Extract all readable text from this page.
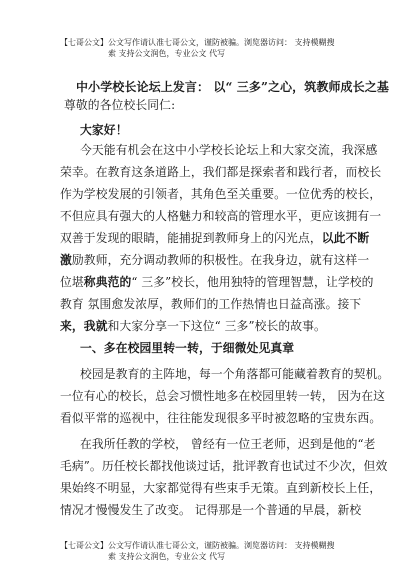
【七哥公文】公文写作请认准七哥公文，谨防被骗。浏览器访问： 支持模糊搜
索 支持公文润色，专业公文 代写
中小学校长论坛上发言： 以“ 三多”之心，筑教师成长之基
尊敬的各位校长同仁:
大家好！
今天能有机会在这中小学校长论坛上和大家交流，我深感
荣幸。在教育这条道路上，我们都是探索者和践行者，而校长
作为学校发展的引领者，其角色至关重要。一位优秀的校长，
不但应具有强大的人格魅力和较高的管理水平，更应该拥有一
双善于发现的眼睛，能捕捉到教师身上的闪光点，以此不断
激励教师，充分调动教师的积极性。在我身边，就有这样一
位堪称典范的“ 三多”校长，他用独特的管理智慧，让学校的
教育 氛围愈发浓厚，教师们的工作热情也日益高涨。接下
来，我就和大家分享一下这位“ 三多”校长的故事。
一、多在校园里转一转，于细微处见真章
校园是教育的主阵地，每一个角落都可能藏着教育的契机。
一位有心的校长，总会习惯性地多在校园里转一转， 因为在这
看似平常的巡视中，往往能发现很多平时被忽略的宝贵东西。
在我所任教的学校， 曾经有一位王老师，迟到是他的“老
毛病”。历任校长都找他谈过话，批评教育也试过不少次，但效
果始终不明显，大家都觉得有些束手无策。直到新校长上任，
情况才慢慢发生了改变。 记得那是一个普通的早晨，新校
【七哥公文】公文写作请认准七哥公文，谨防被骗。浏览器访问： 支持模糊搜
索 支持公文润色，专业公文 代写
